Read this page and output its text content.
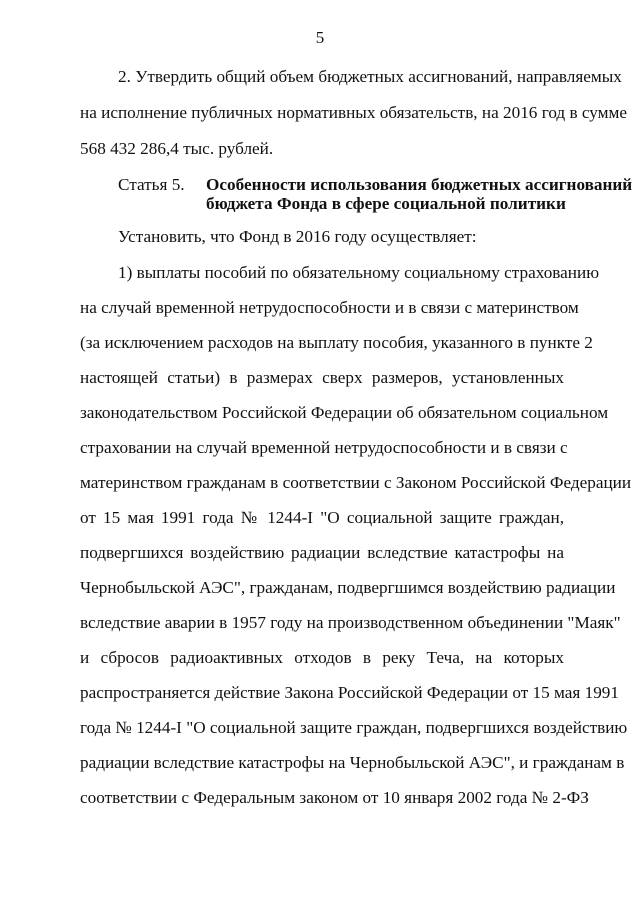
5
2. Утвердить общий объем бюджетных ассигнований, направляемых
на исполнение публичных нормативных обязательств, на 2016 год в сумме
568 432 286,4 тыс. рублей.
Статья 5. Особенности использования бюджетных ассигнований
бюджета Фонда в сфере социальной политики
Установить, что Фонд в 2016 году осуществляет:
1) выплаты пособий по обязательному социальному страхованию
на случай временной нетрудоспособности и в связи с материнством
(за исключением расходов на выплату пособия, указанного в пункте 2
настоящей статьи) в размерах сверх размеров, установленных
законодательством Российской Федерации об обязательном социальном
страховании на случай временной нетрудоспособности и в связи с
материнством гражданам в соответствии с Законом Российской Федерации
от 15 мая 1991 года № 1244-I "О социальной защите граждан,
подвергшихся воздействию радиации вследствие катастрофы на
Чернобыльской АЭС", гражданам, подвергшимся воздействию радиации
вследствие аварии в 1957 году на производственном объединении "Маяк"
и сбросов радиоактивных отходов в реку Теча, на которых
распространяется действие Закона Российской Федерации от 15 мая 1991
года № 1244-I "О социальной защите граждан, подвергшихся воздействию
радиации вследствие катастрофы на Чернобыльской АЭС", и гражданам в
соответствии с Федеральным законом от 10 января 2002 года № 2-ФЗ
